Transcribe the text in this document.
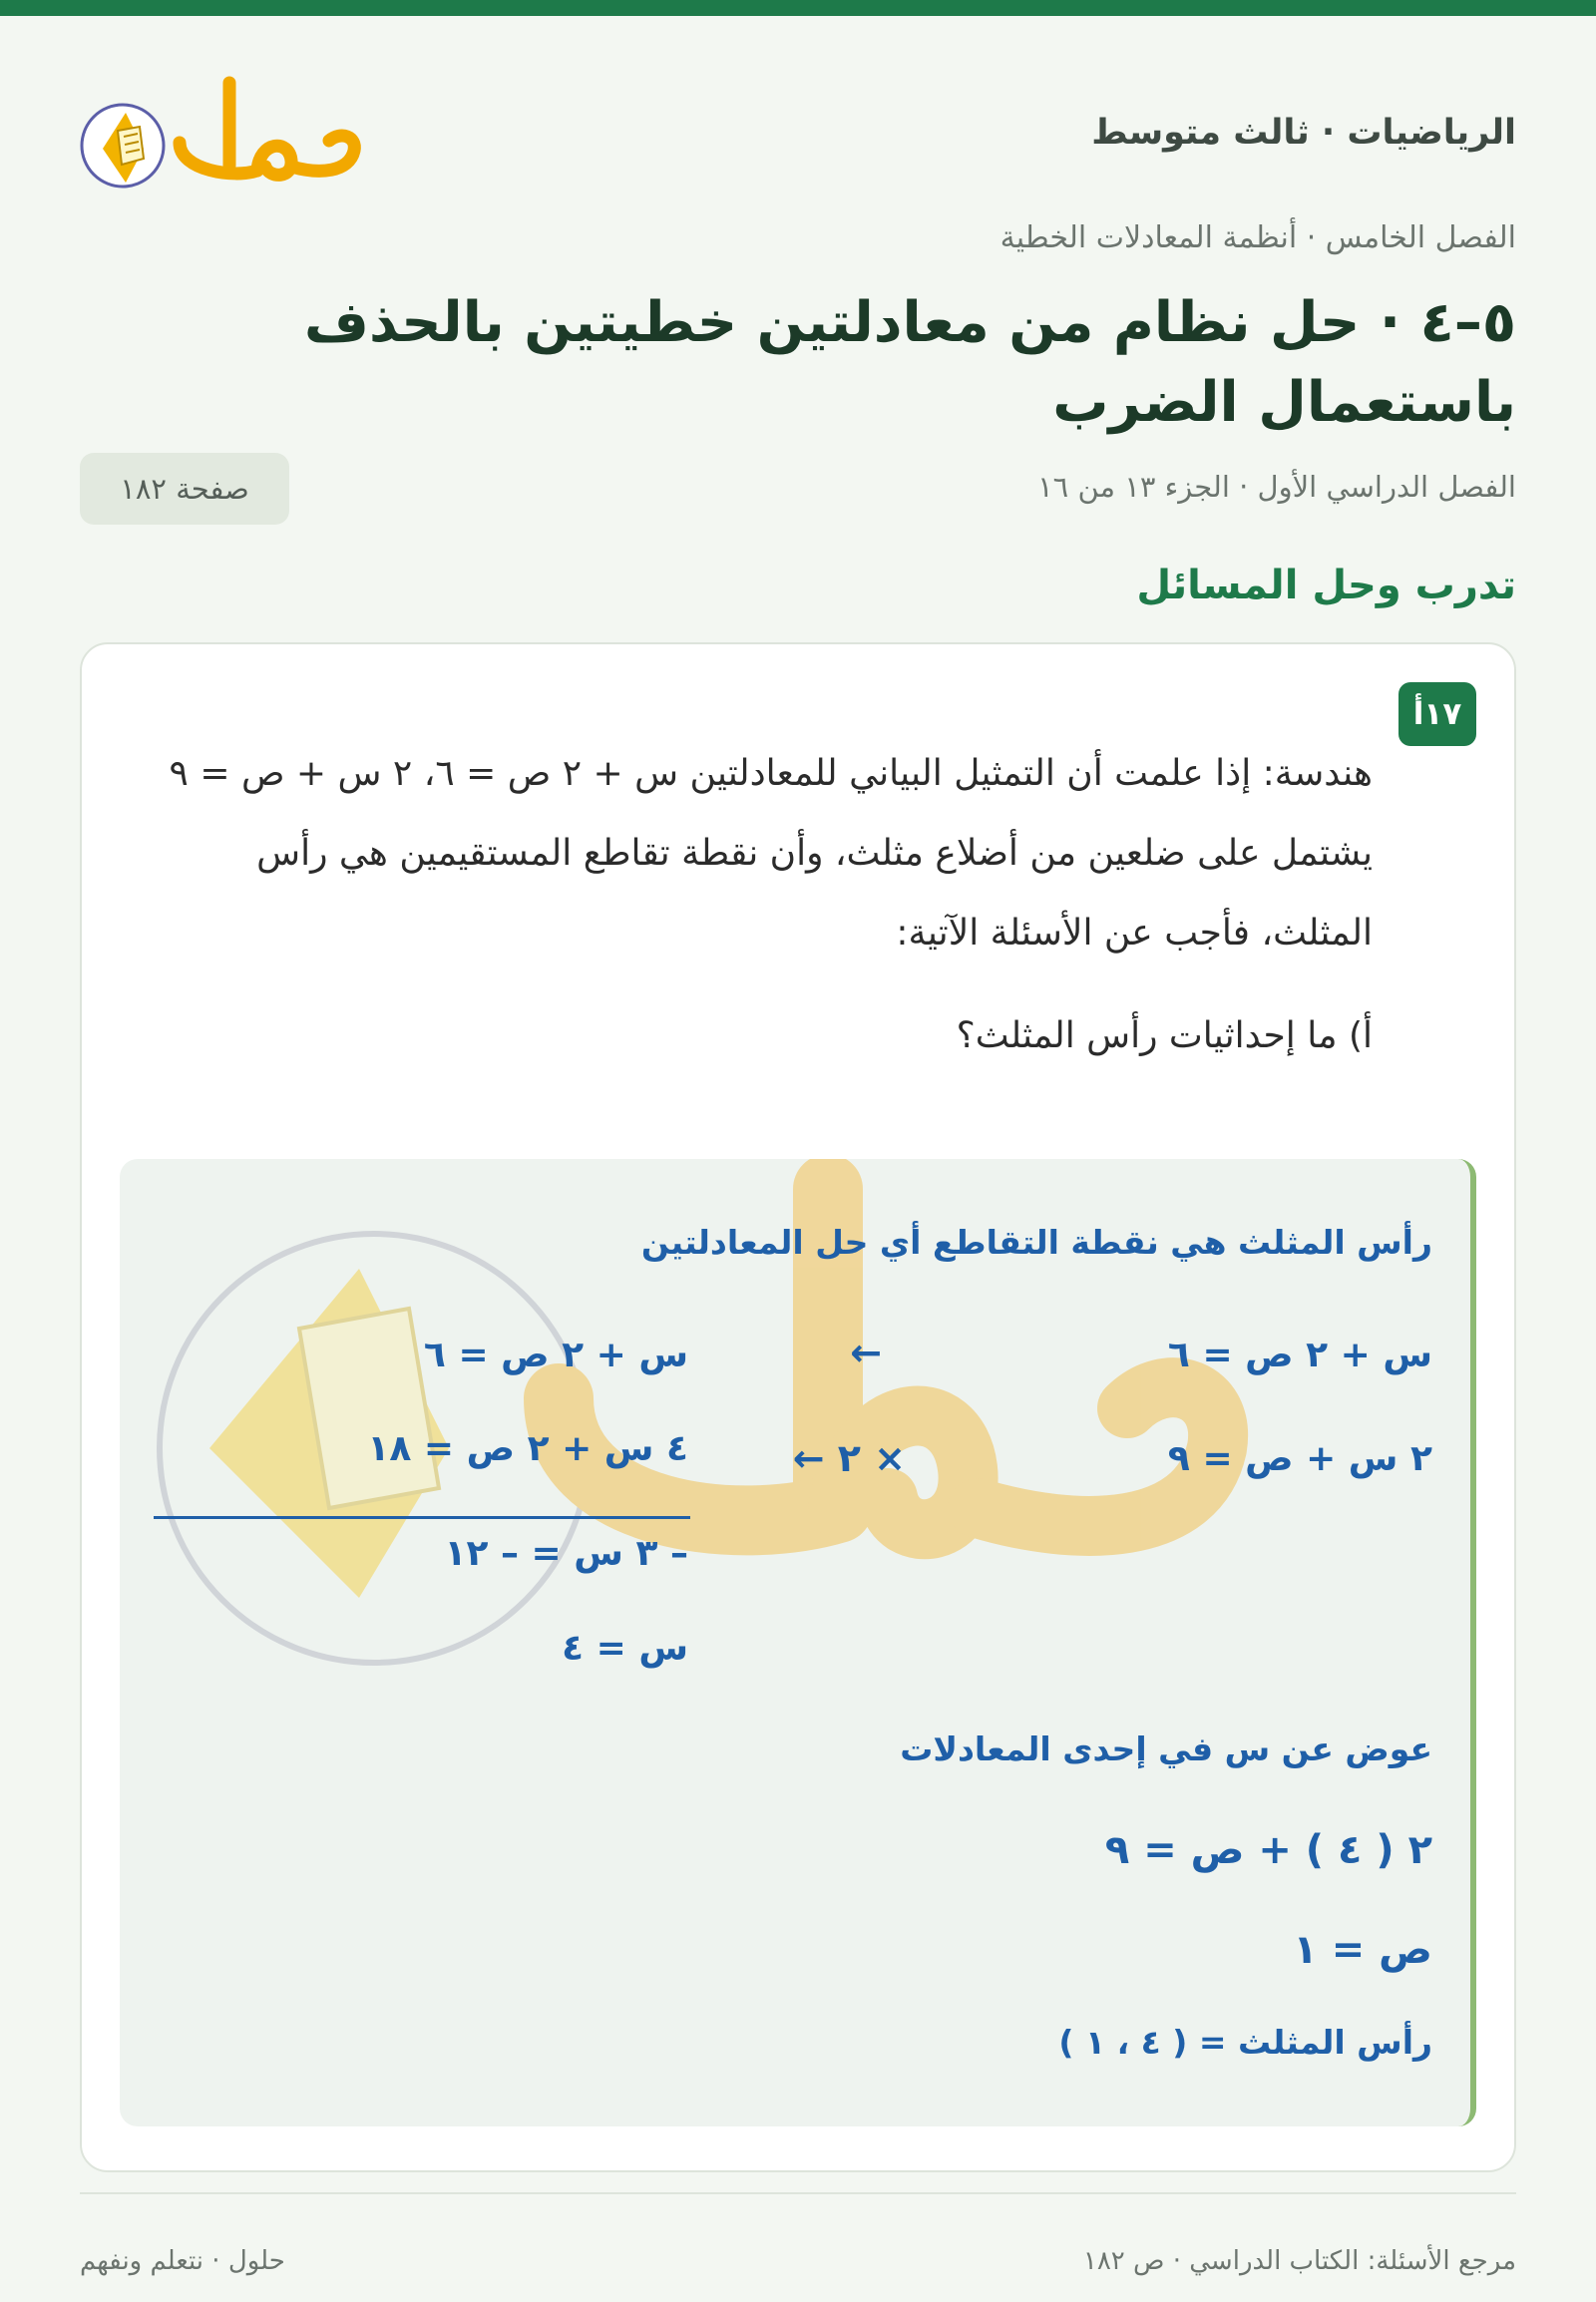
الرياضيات · ثالث متوسط
الفصل الخامس · أنظمة المعادلات الخطية
٥–٤ · حل نظام من معادلتين خطيتين بالحذف باستعمال الضرب
الفصل الدراسي الأول · الجزء ١٣ من ١٦
صفحة ١٨٢
تدرب وحل المسائل
١٧أ
هندسة: إذا علمت أن التمثيل البياني للمعادلتين س + ٢ ص = ٦، ٢ س + ص = ٩ يشتمل على ضلعين من أضلاع مثلث، وأن نقطة تقاطع المستقيمين هي رأس المثلث، فأجب عن الأسئلة الآتية:
أ) ما إحداثيات رأس المثلث؟
رأس المثلث هي نقطة التقاطع أي حل المعادلتين
س + ٢ ص = ٦
←
س + ٢ ص = ٦
٢ س + ص = ٩
× ٢ ←
٤ س + ٢ ص = ١٨
– ٣ س = – ١٢
س = ٤
عوض عن س في إحدى المعادلات
٢ ( ٤ ) + ص = ٩
ص = ١
رأس المثلث = ( ٤ ، ١ )
مرجع الأسئلة: الكتاب الدراسي · ص ١٨٢
حلول · نتعلم ونفهم
